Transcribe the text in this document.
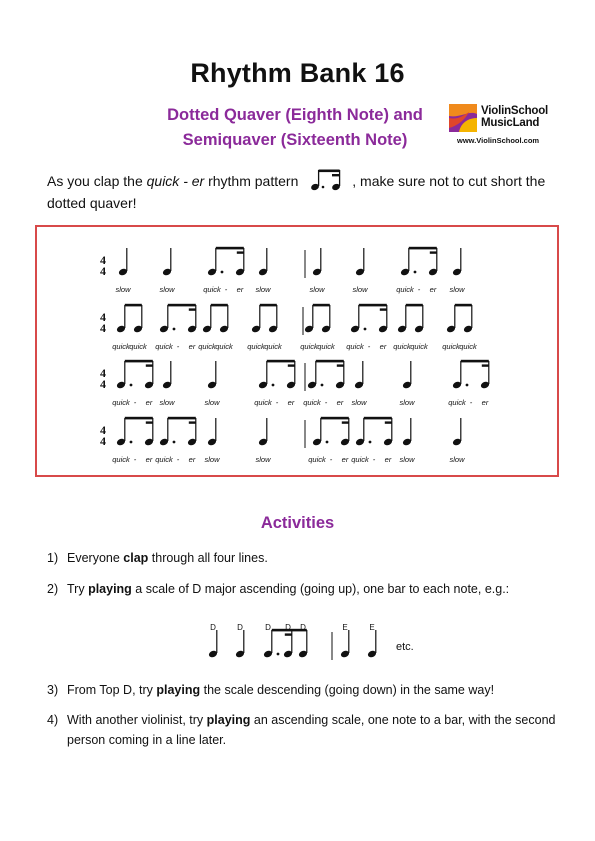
Rhythm Bank 16
Dotted Quaver (Eighth Note) and
Semiquaver (Sixteenth Note)
ViolinSchool
MusicLand
www.ViolinSchool.com
As you clap the quick - er rhythm pattern	, make sure not to cut short the dotted quaver!
4
4
4
4
4
4
4
4
slow	slow	quick - er slow	slow	slow	quick - er slow
quick quick quick - er quick quick quick quick quick quick quick - er quick quick quick quick
quick - er slow	slow	quick - er quick - er slow	slow	quick - er
quick - er quick - er slow	slow	quick - er quick - er slow	slow
Activities
1) Everyone clap through all four lines.
2) Try playing a scale of D major ascending (going up), one bar to each note, e.g.:
D	D	D D D	E	E
etc.
3) From Top D, try playing the scale descending (going down) in the same way!
4) With another violinist, try playing an ascending scale, one note to a bar, with the second person coming in a line later.
